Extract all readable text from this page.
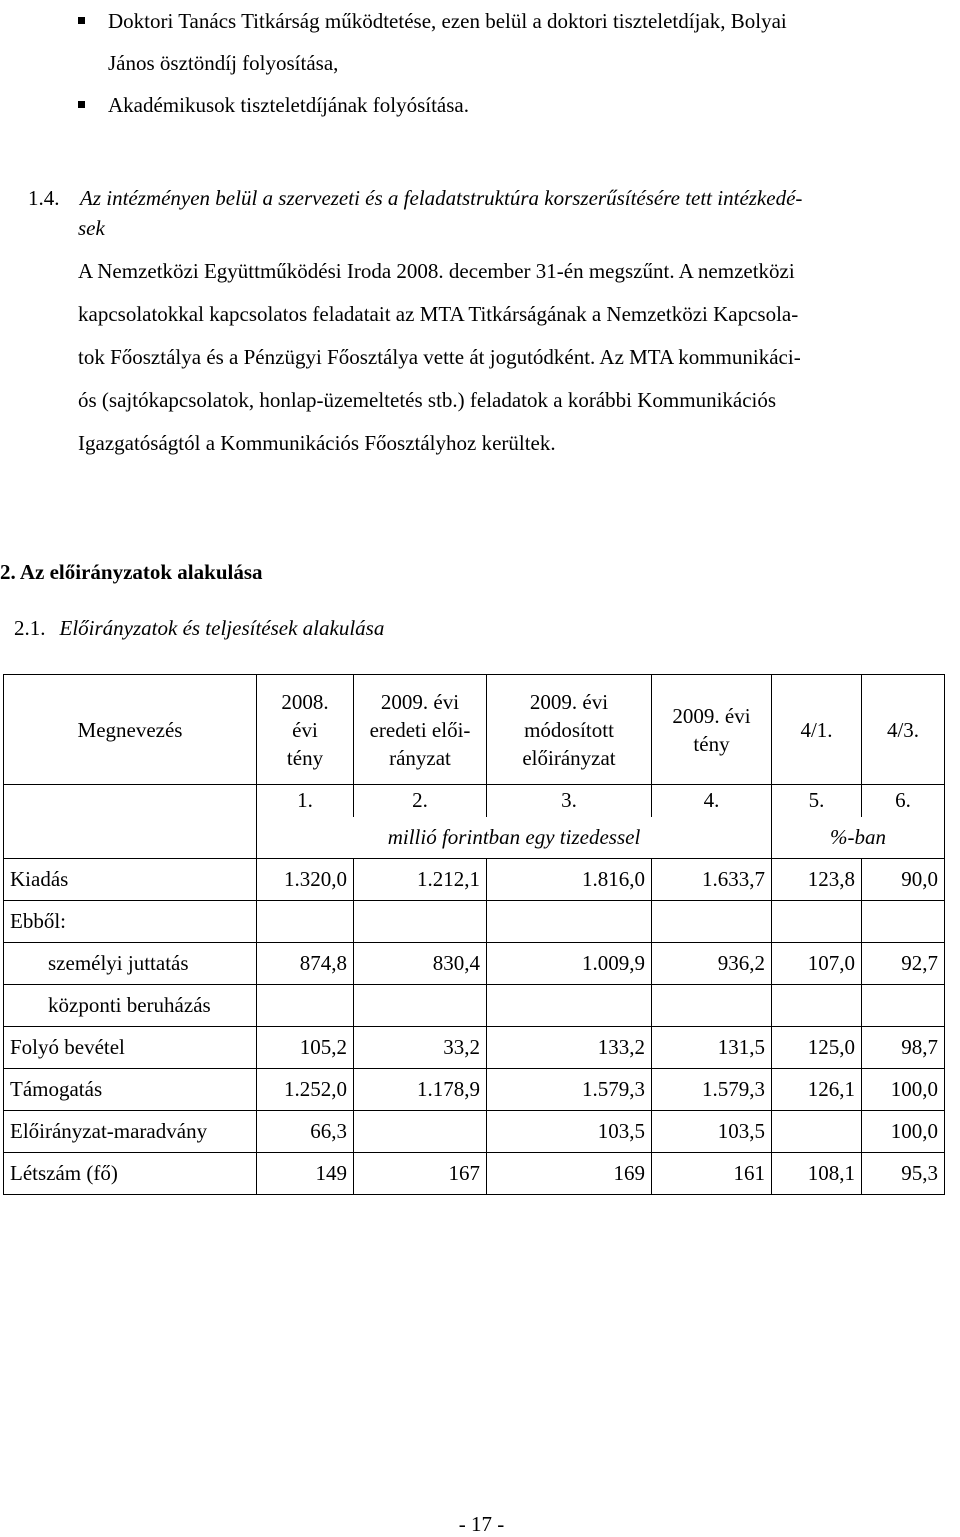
Doktori Tanács Titkárság működtetése, ezen belül a doktori tiszteletdíjak, Bolyai
János ösztöndíj folyosítása,

Akadémikusok tiszteletdíjának folyósítása.

1.4. Az intézményen belül a szervezeti és a feladatstruktúra korszerűsítésére tett intézkedé-
sek
A Nemzetközi Együttműködési Iroda 2008. december 31-én megszűnt. A nemzetközi
kapcsolatokkal kapcsolatos feladatait az MTA Titkárságának a Nemzetközi Kapcsola-
tok Főosztálya és a Pénzügyi Főosztálya vette át jogutódként. Az MTA kommunikáci-
ós (sajtókapcsolatok, honlap-üzemeltetés stb.) feladatok a korábbi Kommunikációs
Igazgatóságtól a Kommunikációs Főosztályhoz kerültek.
2. Az előirányzatok alakulása
2.1. Előirányzatok és teljesítések alakulása
Megnevezés	2008.
évi
tény	2009. évi
eredeti elői-
rányzat	2009. évi
módosított
előirányzat	2009. évi
tény	4/1.	4/3.
	1.	2.	3.	4.	5.	6.
	millió forintban egy tizedessel				%-ban	
Kiadás	1.320,0	1.212,1	1.816,0	1.633,7	123,8	90,0
Ebből:						
személyi juttatás	874,8	830,4	1.009,9	936,2	107,0	92,7
központi beruházás						
Folyó bevétel	105,2	33,2	133,2	131,5	125,0	98,7
Támogatás	1.252,0	1.178,9	1.579,3	1.579,3	126,1	100,0
Előirányzat-maradvány	66,3		103,5	103,5		100,0
Létszám (fő)	149	167	169	161	108,1	95,3
- 17 -
